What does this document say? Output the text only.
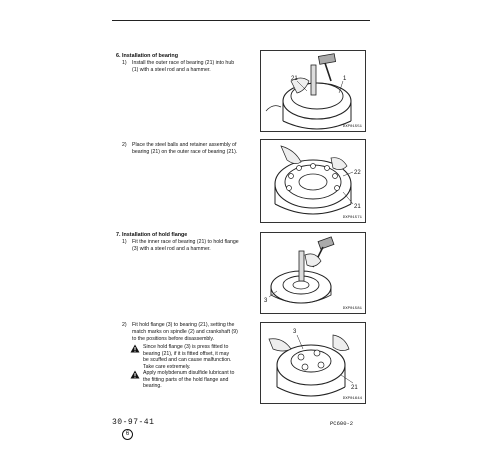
6. Installation of bearing
1) Install the outer race of bearing (21) into hub
(1) with a steel rod and a hammer.
21	1
DXP01551
2) Place the steel balls and retainer assembly of
bearing (21) on the outer race of bearing (21).
22
21
DXP01571
7. Installation of hold flange
1) Fit the inner race of bearing (21) to hold flange
(3) with a steel rod and a hammer.
3
DXP01581
2) Fit hold flange (3) to bearing (21), setting the
match marks on spindle (2) and crankshaft (9)
to the positions before disassembly.
Since hold flange (3) is press fitted to
bearing (21), if it is fitted offset, it may
be scuffed and can cause malfunction.
Take care extremely.
Apply molybdenum disulfide lubricant to
the fitting parts of the hold flange and
bearing.
3
21
DXP01644
30-97-41
6
PC600-2
